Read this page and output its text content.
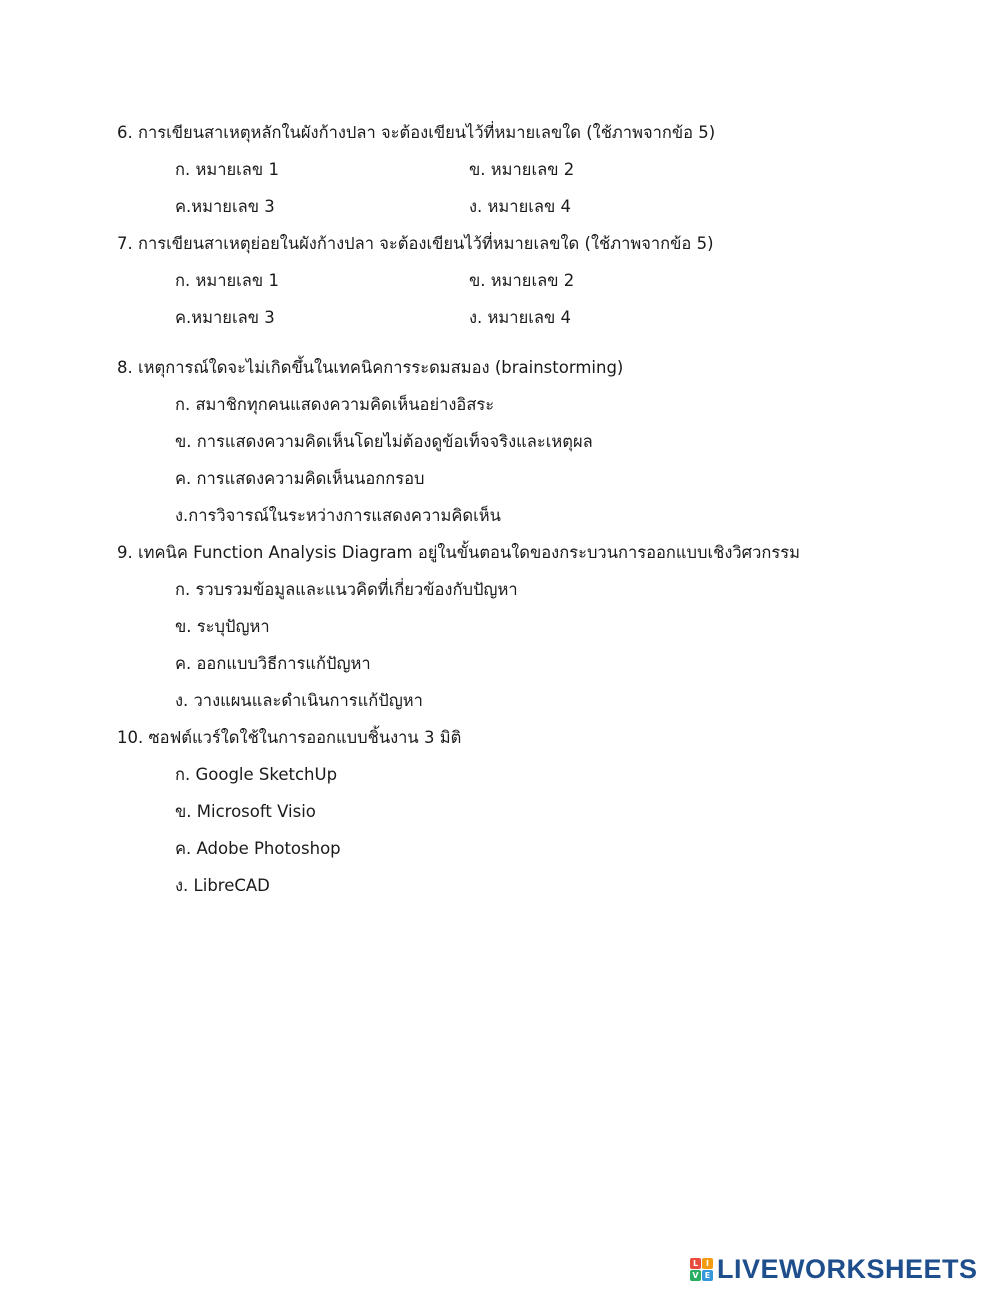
6. การเขียนสาเหตุหลักในผังก้างปลา จะต้องเขียนไว้ที่หมายเลขใด (ใช้ภาพจากข้อ 5)
ก. หมายเลข 1	ข. หมายเลข 2
ค.หมายเลข 3	ง. หมายเลข 4
7. การเขียนสาเหตุย่อยในผังก้างปลา จะต้องเขียนไว้ที่หมายเลขใด (ใช้ภาพจากข้อ 5)
ก. หมายเลข 1	ข. หมายเลข 2
ค.หมายเลข 3	ง. หมายเลข 4
8. เหตุการณ์ใดจะไม่เกิดขึ้นในเทคนิคการระดมสมอง (brainstorming)
ก. สมาชิกทุกคนแสดงความคิดเห็นอย่างอิสระ
ข. การแสดงความคิดเห็นโดยไม่ต้องดูข้อเท็จจริงและเหตุผล
ค. การแสดงความคิดเห็นนอกกรอบ
ง.การวิจารณ์ในระหว่างการแสดงความคิดเห็น
9. เทคนิค Function Analysis Diagram อยู่ในขั้นตอนใดของกระบวนการออกแบบเชิงวิศวกรรม
ก. รวบรวมข้อมูลและแนวคิดที่เกี่ยวข้องกับปัญหา
ข. ระบุปัญหา
ค. ออกแบบวิธีการแก้ปัญหา
ง. วางแผนและดำเนินการแก้ปัญหา
10. ซอฟต์แวร์ใดใช้ในการออกแบบชิ้นงาน 3 มิติ
ก. Google SketchUp
ข. Microsoft Visio
ค. Adobe Photoshop
ง. LibreCAD
L I
V E LIVEWORKSHEETS
